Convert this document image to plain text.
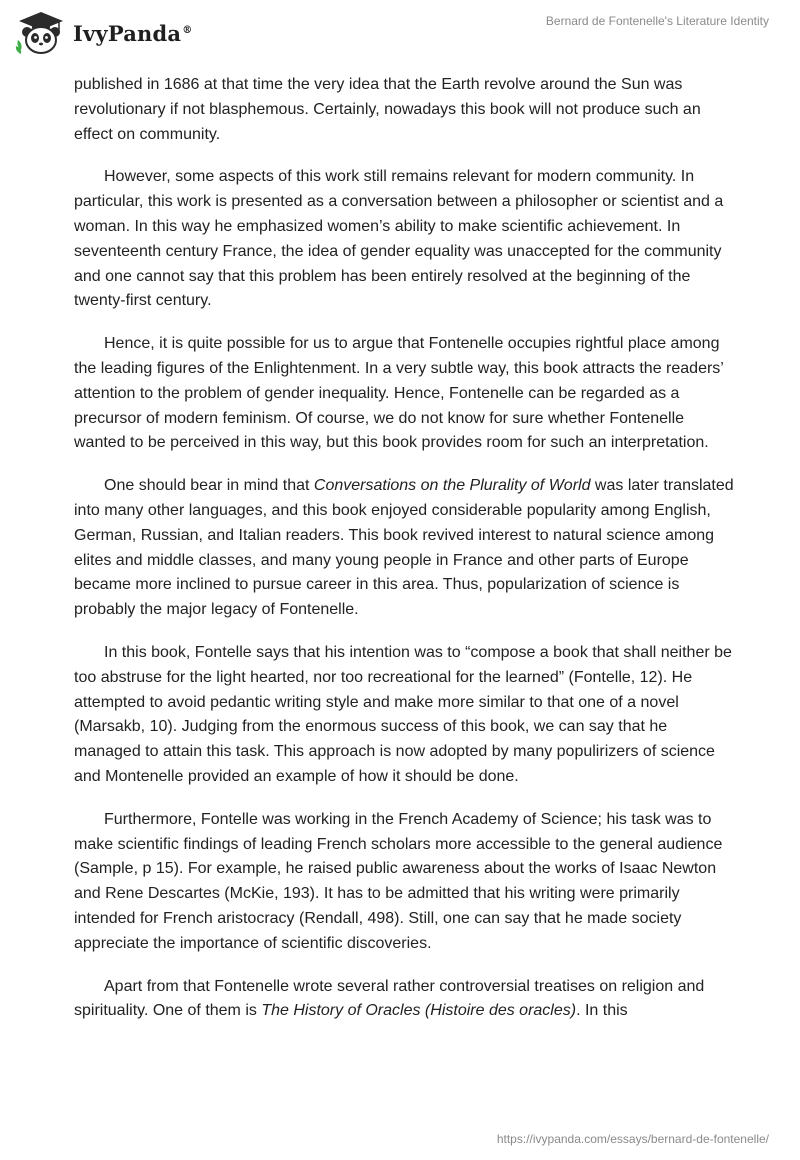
IvyPanda®
Bernard de Fontenelle's Literature Identity

published in 1686 at that time the very idea that the Earth revolve around the Sun was revolutionary if not blasphemous. Certainly, nowadays this book will not produce such an effect on community.

However, some aspects of this work still remains relevant for modern community. In particular, this work is presented as a conversation between a philosopher or scientist and a woman. In this way he emphasized women’s ability to make scientific achievement. In seventeenth century France, the idea of gender equality was unaccepted for the community and one cannot say that this problem has been entirely resolved at the beginning of the twenty-first century.

Hence, it is quite possible for us to argue that Fontenelle occupies rightful place among the leading figures of the Enlightenment. In a very subtle way, this book attracts the readers’ attention to the problem of gender inequality. Hence, Fontenelle can be regarded as a precursor of modern feminism. Of course, we do not know for sure whether Fontenelle wanted to be perceived in this way, but this book provides room for such an interpretation.

One should bear in mind that Conversations on the Plurality of World was later translated into many other languages, and this book enjoyed considerable popularity among English, German, Russian, and Italian readers. This book revived interest to natural science among elites and middle classes, and many young people in France and other parts of Europe became more inclined to pursue career in this area. Thus, popularization of science is probably the major legacy of Fontenelle.

In this book, Fontelle says that his intention was to “compose a book that shall neither be too abstruse for the light hearted, nor too recreational for the learned” (Fontelle, 12). He attempted to avoid pedantic writing style and make more similar to that one of a novel (Marsakb, 10). Judging from the enormous success of this book, we can say that he managed to attain this task. This approach is now adopted by many populirizers of science and Montenelle provided an example of how it should be done.

Furthermore, Fontelle was working in the French Academy of Science; his task was to make scientific findings of leading French scholars more accessible to the general audience (Sample, p 15). For example, he raised public awareness about the works of Isaac Newton and Rene Descartes (McKie, 193). It has to be admitted that his writing were primarily intended for French aristocracy (Rendall, 498). Still, one can say that he made society appreciate the importance of scientific discoveries.

Apart from that Fontenelle wrote several rather controversial treatises on religion and spirituality. One of them is The History of Oracles (Histoire des oracles). In this

https://ivypanda.com/essays/bernard-de-fontenelle/
